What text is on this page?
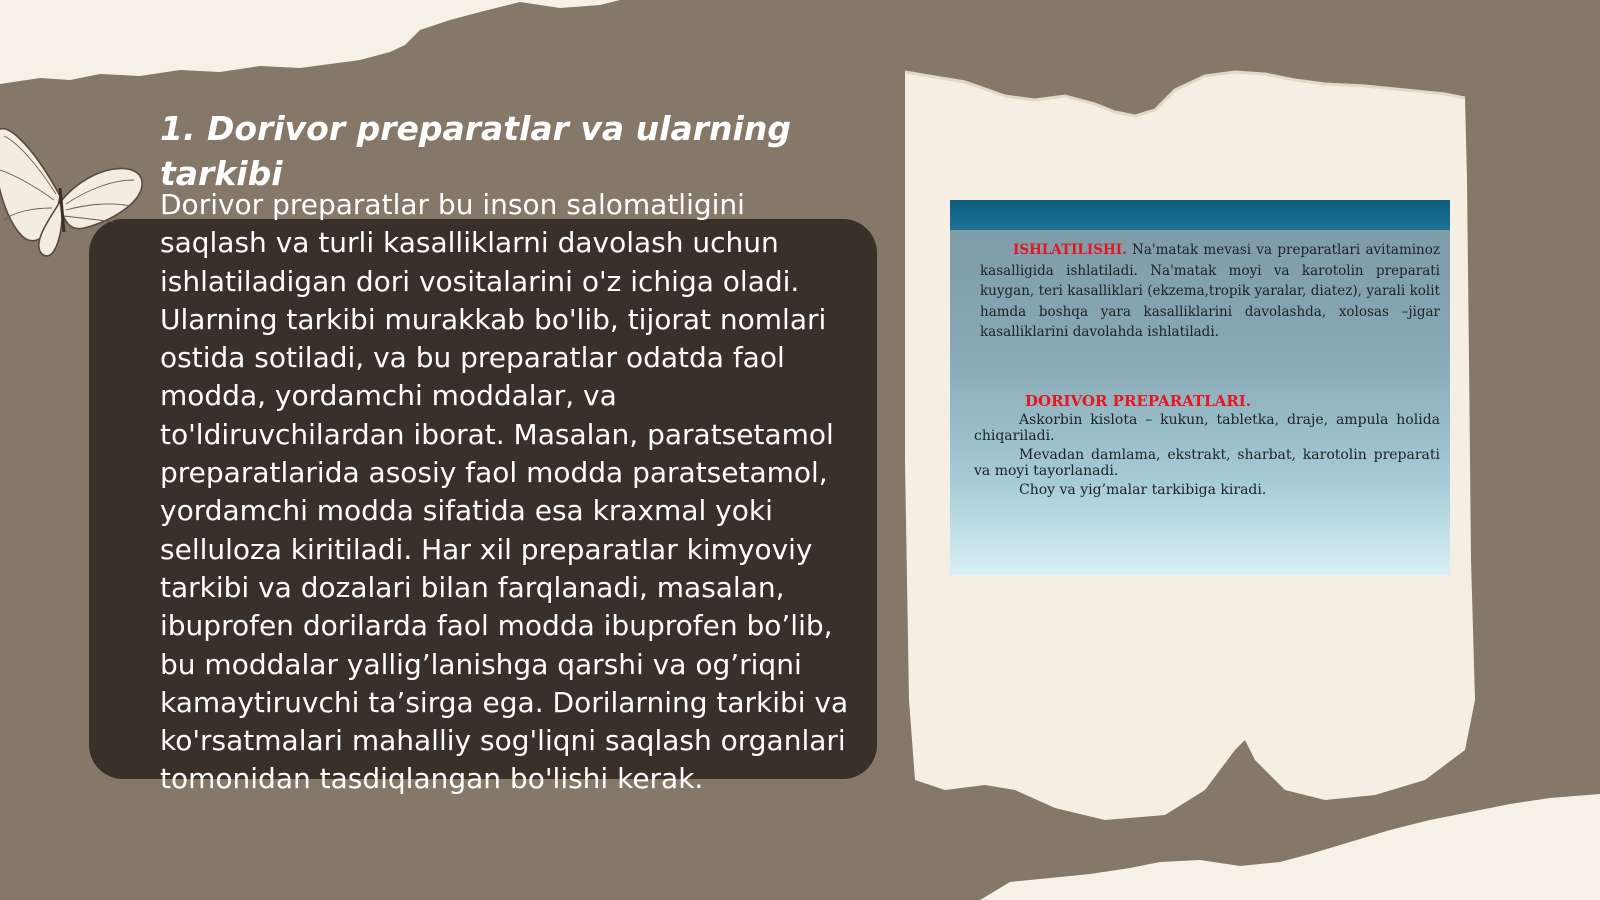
1. Dorivor preparatlar va ularning tarkibi

Dorivor preparatlar bu inson salomatligini saqlash va turli kasalliklarni davolash uchun ishlatiladigan dori vositalarini o'z ichiga oladi. Ularning tarkibi murakkab bo'lib, tijorat nomlari ostida sotiladi, va bu preparatlar odatda faol modda, yordamchi moddalar, va to'ldiruvchilardan iborat. Masalan, paratsetamol preparatlarida asosiy faol modda paratsetamol, yordamchi modda sifatida esa kraxmal yoki selluloza kiritiladi. Har xil preparatlar kimyoviy tarkibi va dozalari bilan farqlanadi, masalan, ibuprofen dorilarda faol modda ibuprofen bo’lib, bu moddalar yallig’lanishga qarshi va og’riqni kamaytiruvchi ta’sirga ega. Dorilarning tarkibi va ko'rsatmalari mahalliy sog'liqni saqlash organlari tomonidan tasdiqlangan bo'lishi kerak.

ISHLATILISHI. Na'matak mevasi va preparatlari avitaminoz kasalligida ishlatiladi. Na'matak moyi va karotolin preparati kuygan, teri kasalliklari (ekzema,tropik yaralar, diatez), yarali kolit hamda boshqa yara kasalliklarini davolashda, xolosas –jigar kasalliklarini davolahda ishlatiladi.

DORIVOR PREPARATLARI.

Askorbin kislota – kukun, tabletka, draje, ampula holida chiqariladi.

Mevadan damlama, ekstrakt, sharbat, karotolin preparati va moyi tayorlanadi.

Choy va yig’malar tarkibiga kiradi.
